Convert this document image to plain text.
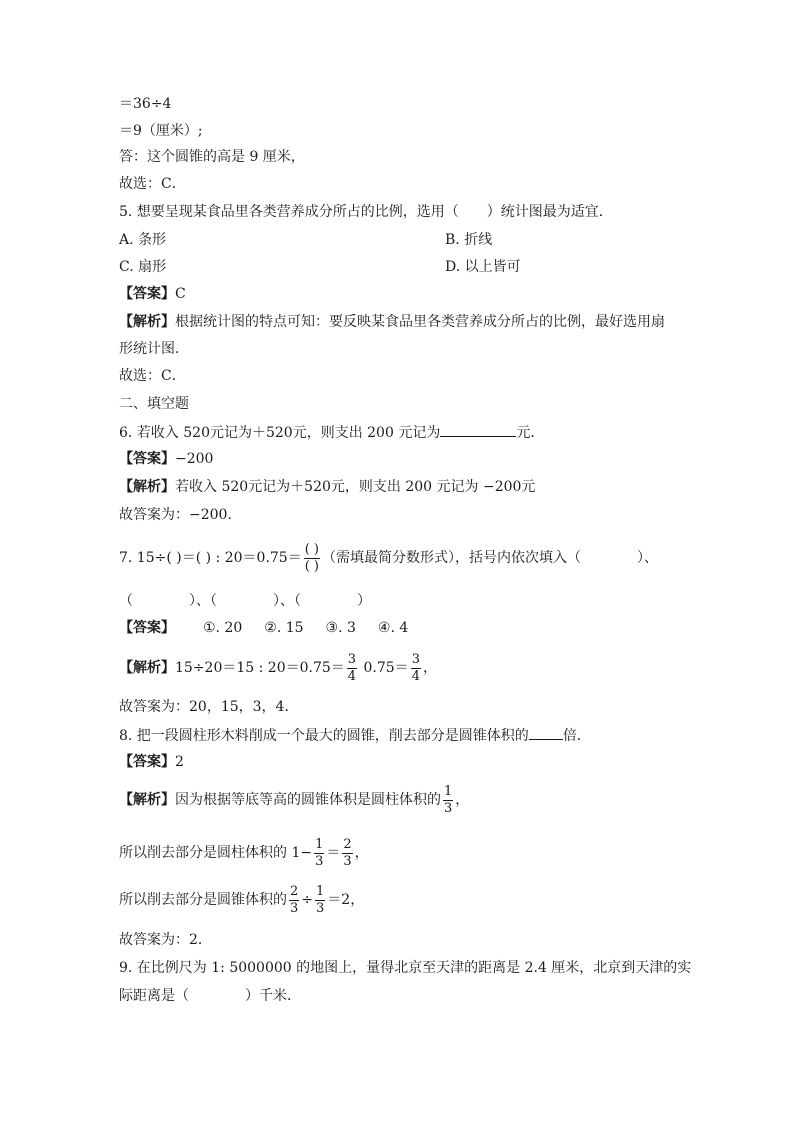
＝36÷4
＝9（厘米）;
答：这个圆锥的高是 9 厘米，
故选：C．
5. 想要呈现某食品里各类营养成分所占的比例，选用（　　）统计图最为适宜．
A. 条形	B. 折线
C. 扇形	D. 以上皆可
【答案】C
【解析】根据统计图的特点可知：要反映某食品里各类营养成分所占的比例，最好选用扇
形统计图．
故选：C．
二、填空题
6. 若收入 520元记为＋520元，则支出 200 元记为	元．
【答案】−200
【解析】若收入 520元记为＋520元，则支出 200 元记为 −200元
故答案为：−200.
7. 15÷( )＝( ) : $20=0.75= \frac{( )}{( )}$ （需填最简分数形式），括号内依次填入（　　　　）、
（　　　　）、（　　　　）、（　　　　）
【答案】 ①. 20 ②. 15 ③. 3 ④. 4
【解析】15÷20＝15 : $20=0.75= \frac{3}{4} 0.75= \frac{3}{4}$ ，
故答案为：20，15，3，4．
8. 把一段圆柱形木料削成一个最大的圆锥，削去部分是圆锥体积的 倍．
【答案】2
【解析】因为根据等底等高的圆锥体积是圆柱体积的 $\frac{1}{3}$ ，
所以削去部分是圆柱体积的 $1- \frac{1}{3} = \frac{2}{3}$ ，
所以削去部分是圆锥体积的 $\frac{2}{3} \div \frac{1}{3} =2$，
故答案为：2．
9. 在比例尺为 1: 5000000 的地图上，量得北京至天津的距离是 2.4 厘米，北京到天津的实
际距离是（　　　　）千米．
